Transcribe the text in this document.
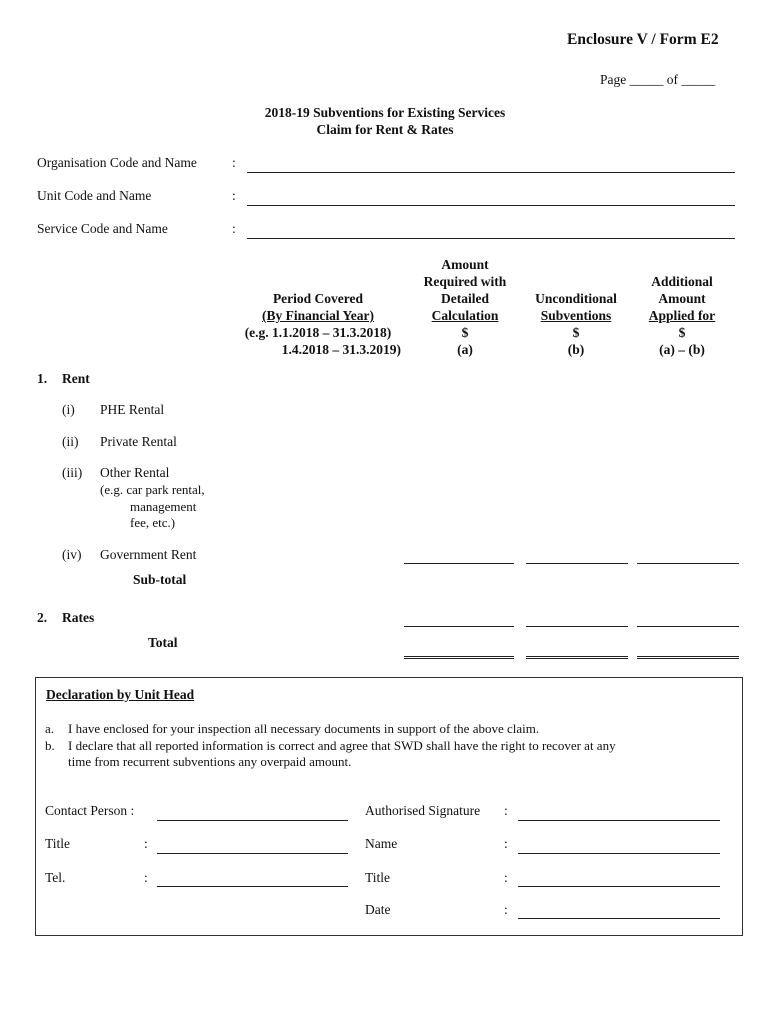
Enclosure V / Form E2
Page _____ of _____
2018-19 Subventions for Existing Services
Claim for Rent & Rates
Organisation Code and Name	:
Unit Code and Name	:
Service Code and Name	:
Period Covered
(By Financial Year)
(e.g. 1.1.2018 – 31.3.2018)
1.4.2018 – 31.3.2019)
Amount
Required with
Detailed
Calculation
$
(a)
Unconditional
Subventions
$
(b)
Additional
Amount
Applied for
$
(a) – (b)
1. Rent
(i) PHE Rental
(ii) Private Rental
(iii) Other Rental
(e.g. car park rental,
management
fee, etc.)
(iv) Government Rent
Sub-total
2. Rates
Total
Declaration by Unit Head
a. I have enclosed for your inspection all necessary documents in support of the above claim.
b. I declare that all reported information is correct and agree that SWD shall have the right to recover at any
time from recurrent subventions any overpaid amount.
Contact Person :
Title	:
Tel.	:
Authorised Signature :
Name	:
Title	:
Date	:
